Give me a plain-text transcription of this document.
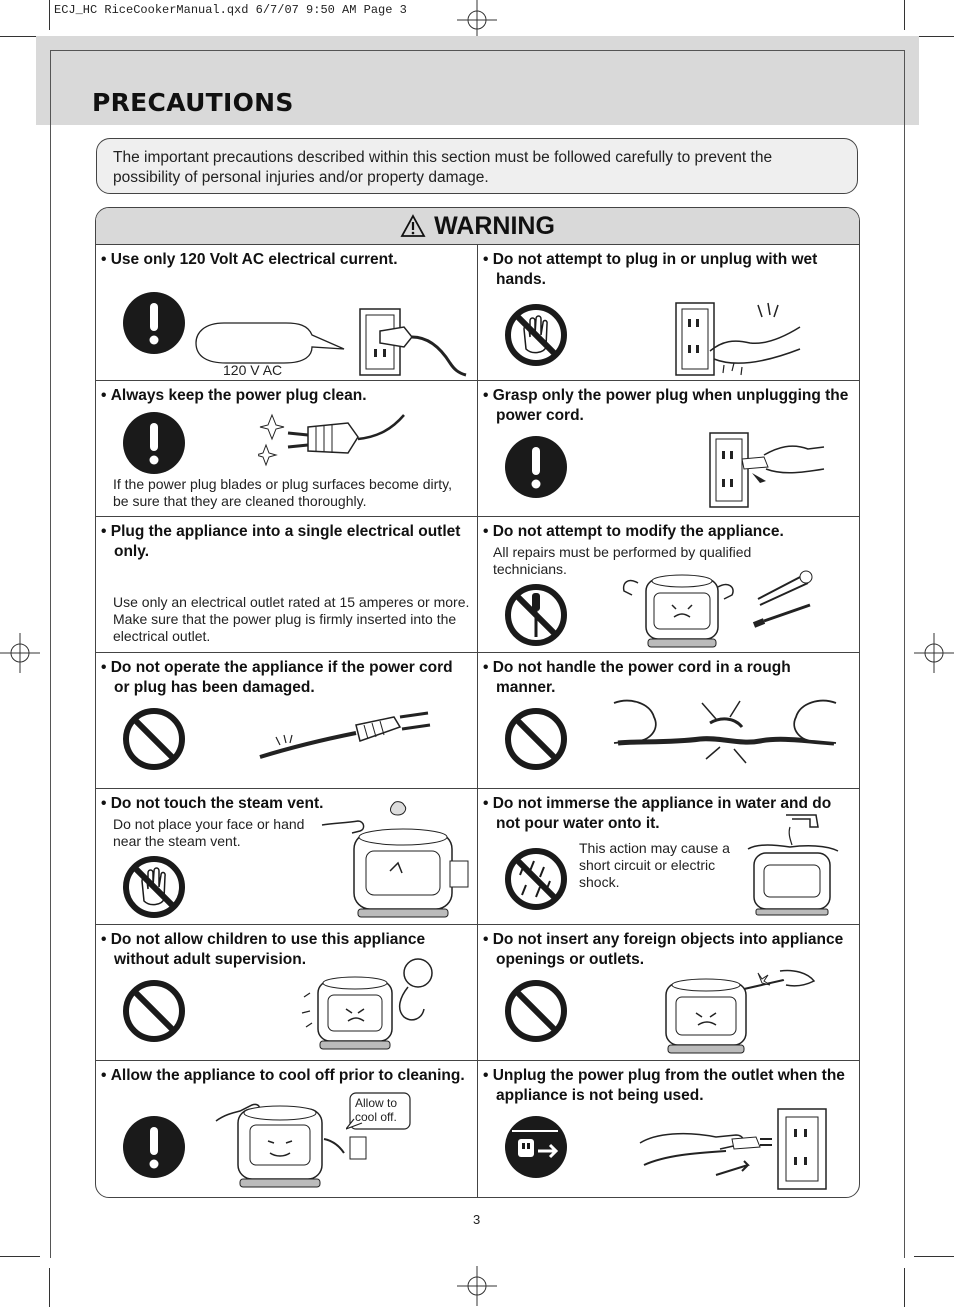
ECJ_HC RiceCookerManual.qxd 6/7/07 9:50 AM Page 3
PRECAUTIONS
The important precautions described within this section must be followed carefully to prevent the possibility of personal injuries and/or property damage.
WARNING
• Use only 120 Volt AC electrical current.
120 V AC
• Do not attempt to plug in or unplug with wet hands.
• Always keep the power plug clean.
If the power plug blades or plug surfaces become dirty, be sure that they are cleaned thoroughly.
• Grasp only the power plug when unplugging the power cord.
• Plug the appliance into a single electrical outlet only.
Use only an electrical outlet rated at 15 amperes or more. Make sure that the power plug is firmly inserted into the electrical outlet.
• Do not attempt to modify the appliance.
All repairs must be performed by qualified technicians.
• Do not operate the appliance if the power cord or plug has been damaged.
• Do not handle the power cord in a rough manner.
• Do not touch the steam vent.
Do not place your face or hand near the steam vent.
• Do not immerse the appliance in water and do not pour water onto it.
This action may cause a short circuit or electric shock.
• Do not allow children to use this appliance without adult supervision.
• Do not insert any foreign objects into appliance openings or outlets.
• Allow the appliance to cool off prior to cleaning.
Allow to cool off.
• Unplug the power plug from the outlet when the appliance is not being used.
3
